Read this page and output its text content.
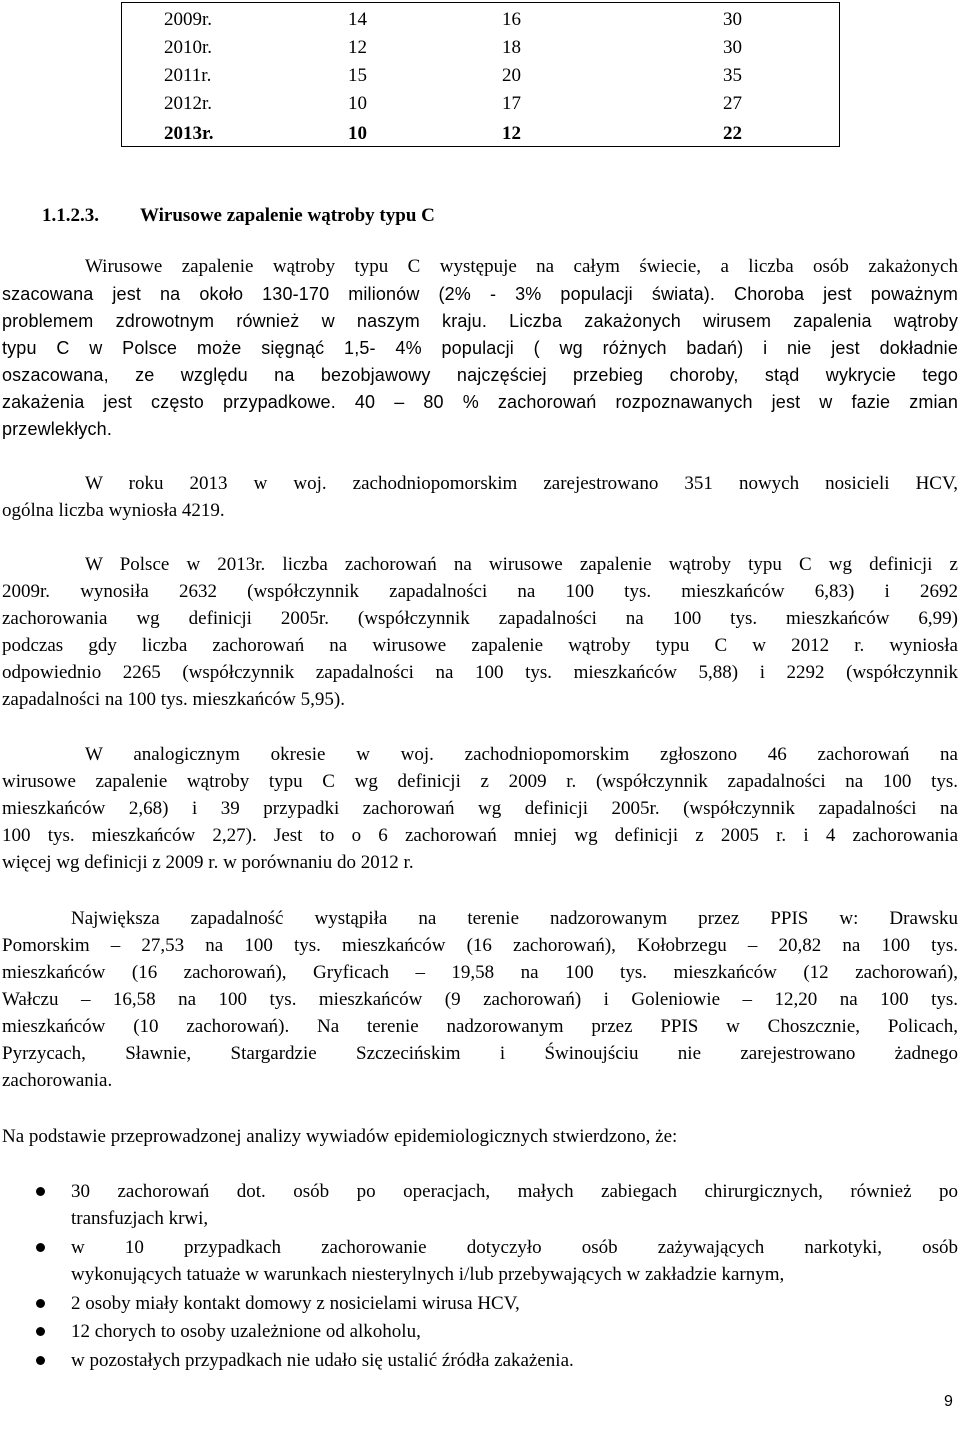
2009r.	14	16	30
2010r.	12	18	30
2011r.	15	20	35
2012r.	10	17	27
2013r.	10	12	22
1.1.2.3. Wirusowe zapalenie wątroby typu C
Wirusowe zapalenie wątroby typu C występuje na całym świecie, a liczba osób zakażonych
szacowana jest na około 130-170 milionów (2% - 3% populacji świata). Choroba jest poważnym
problemem zdrowotnym również w naszym kraju. Liczba zakażonych wirusem zapalenia wątroby
typu C w Polsce może sięgnąć 1,5- 4% populacji ( wg różnych badań) i nie jest dokładnie
oszacowana, ze względu na bezobjawowy najczęściej przebieg choroby, stąd wykrycie tego
zakażenia jest często przypadkowe. 40 – 80 % zachorowań rozpoznawanych jest w fazie zmian
przewlekłych.
W roku 2013 w woj. zachodniopomorskim zarejestrowano 351 nowych nosicieli HCV,
ogólna liczba wyniosła 4219.
W Polsce w 2013r. liczba zachorowań na wirusowe zapalenie wątroby typu C wg definicji z
2009r. wynosiła 2632 (współczynnik zapadalności na 100 tys. mieszkańców 6,83) i 2692
zachorowania wg definicji 2005r. (współczynnik zapadalności na 100 tys. mieszkańców 6,99)
podczas gdy liczba zachorowań na wirusowe zapalenie wątroby typu C w 2012 r. wyniosła
odpowiednio 2265 (współczynnik zapadalności na 100 tys. mieszkańców 5,88) i 2292 (współczynnik
zapadalności na 100 tys. mieszkańców 5,95).
W analogicznym okresie w woj. zachodniopomorskim zgłoszono 46 zachorowań na
wirusowe zapalenie wątroby typu C wg definicji z 2009 r. (współczynnik zapadalności na 100 tys.
mieszkańców 2,68) i 39 przypadki zachorowań wg definicji 2005r. (współczynnik zapadalności na
100 tys. mieszkańców 2,27). Jest to o 6 zachorowań mniej wg definicji z 2005 r. i 4 zachorowania
więcej wg definicji z 2009 r. w porównaniu do 2012 r.
Największa zapadalność wystąpiła na terenie nadzorowanym przez PPIS w: Drawsku
Pomorskim – 27,53 na 100 tys. mieszkańców (16 zachorowań), Kołobrzegu – 20,82 na 100 tys.
mieszkańców (16 zachorowań), Gryficach – 19,58 na 100 tys. mieszkańców (12 zachorowań),
Wałczu – 16,58 na 100 tys. mieszkańców (9 zachorowań) i Goleniowie – 12,20 na 100 tys.
mieszkańców (10 zachorowań). Na terenie nadzorowanym przez PPIS w Choszcznie, Policach,
Pyrzycach, Sławnie, Stargardzie Szczecińskim i Świnoujściu nie zarejestrowano żadnego
zachorowania.
Na podstawie przeprowadzonej analizy wywiadów epidemiologicznych stwierdzono, że:
30 zachorowań dot. osób po operacjach, małych zabiegach chirurgicznych, również po
transfuzjach krwi,
w 10 przypadkach zachorowanie dotyczyło osób zażywających narkotyki, osób
wykonujących tatuaże w warunkach niesterylnych i/lub przebywających w zakładzie karnym,
2 osoby miały kontakt domowy z nosicielami wirusa HCV,
12 chorych to osoby uzależnione od alkoholu,
w pozostałych przypadkach nie udało się ustalić źródła zakażenia.
9
